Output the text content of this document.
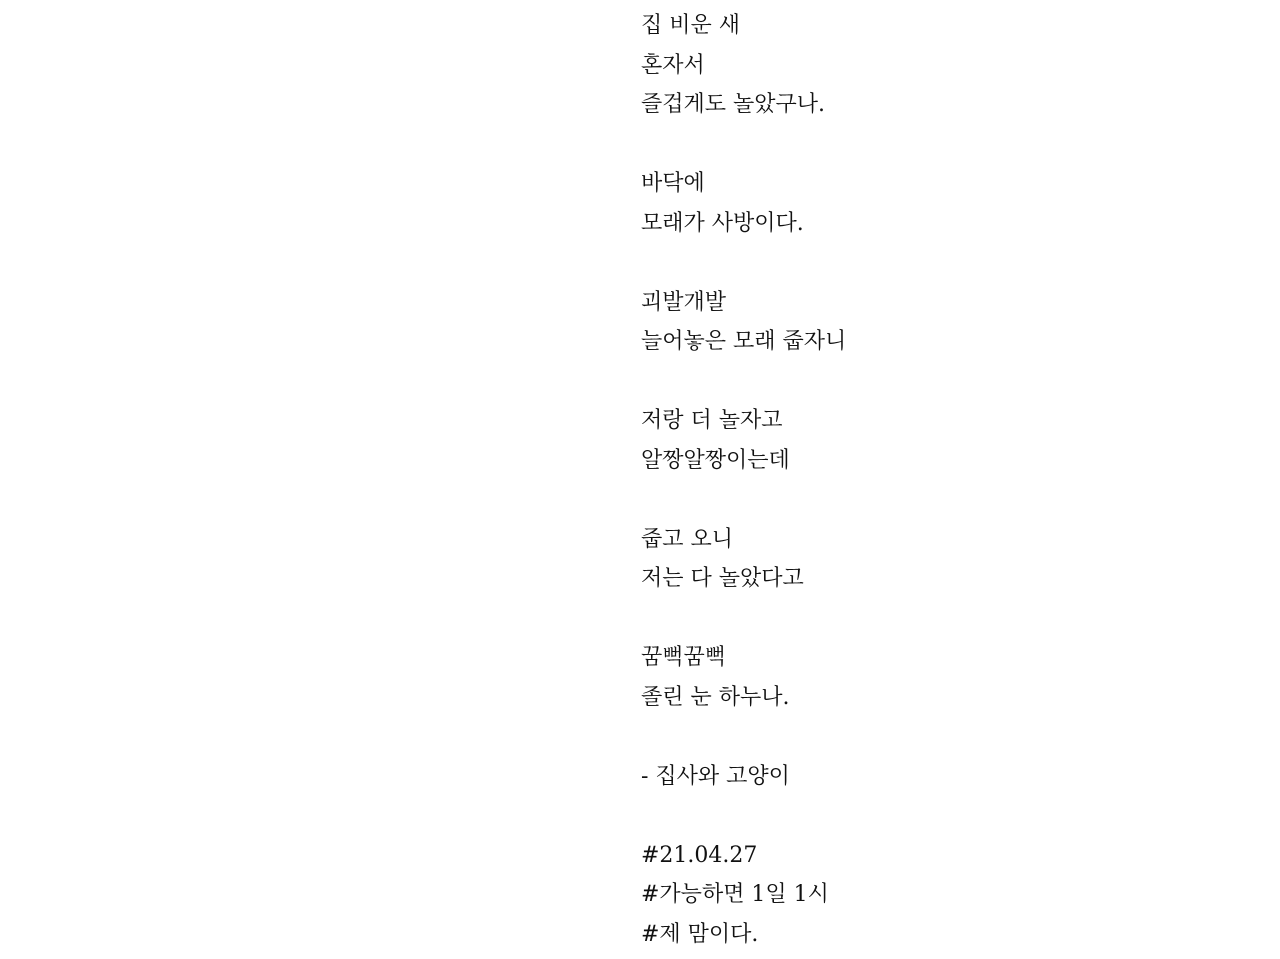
집 비운 새
혼자서
즐겁게도 놀았구나.
바닥에
모래가 사방이다.
괴발개발
늘어놓은 모래 줍자니
저랑 더 놀자고
알짱알짱이는데
줍고 오니
저는 다 놀았다고
꿈뻑꿈뻑
졸린 눈 하누나.
- 집사와 고양이
#21.04.27
#가능하면 1일 1시
#제 맘이다.
